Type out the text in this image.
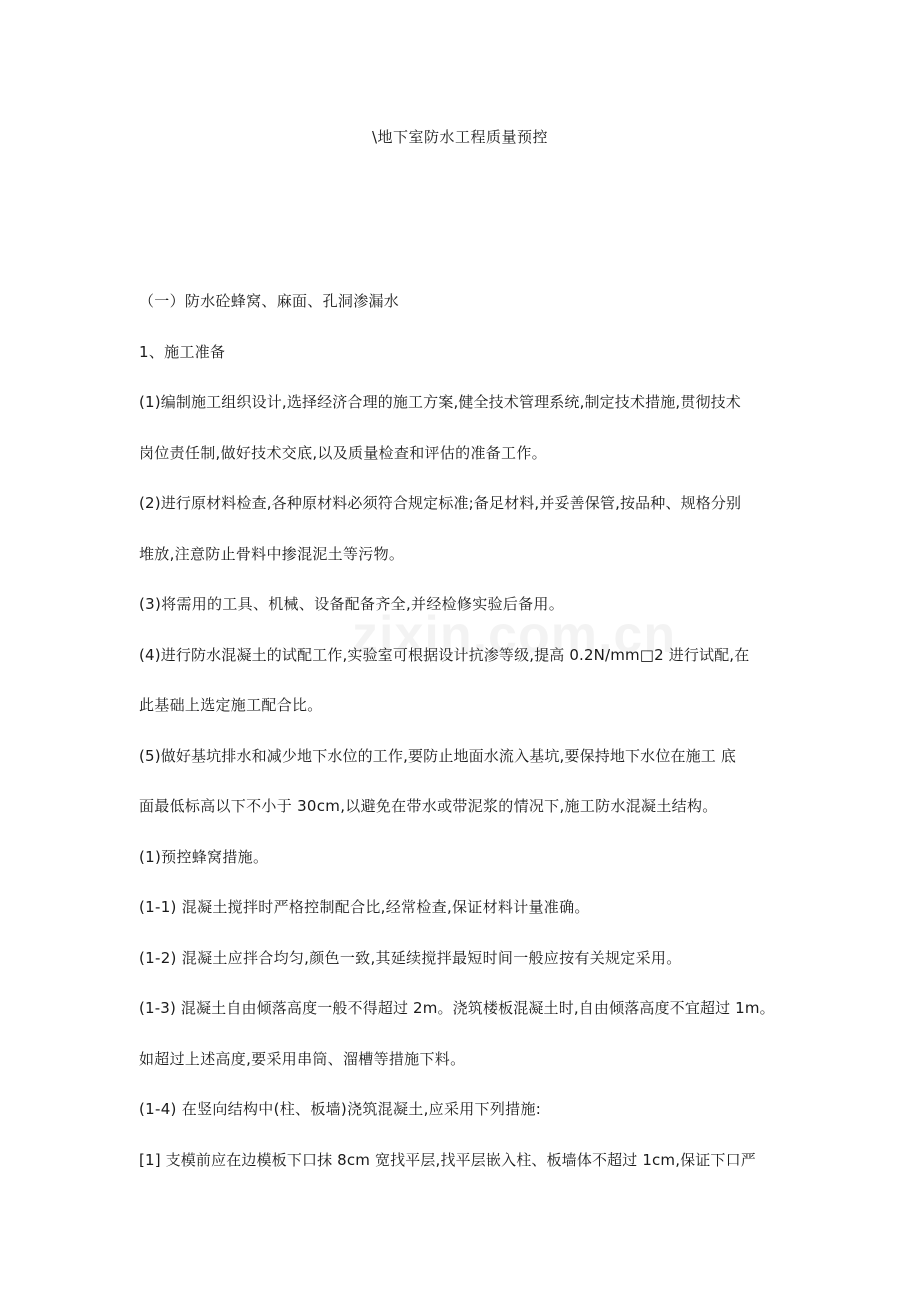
\地下室防水工程质量预控

（一）防水砼蜂窝、麻面、孔洞渗漏水

1、施工准备

(1)编制施工组织设计,选择经济合理的施工方案,健全技术管理系统,制定技术措施,贯彻技术

岗位责任制,做好技术交底,以及质量检查和评估的准备工作。

(2)进行原材料检查,各种原材料必须符合规定标准;备足材料,并妥善保管,按品种、规格分别

堆放,注意防止骨料中掺混泥土等污物。

(3)将需用的工具、机械、设备配备齐全,并经检修实验后备用。

(4)进行防水混凝土的试配工作,实验室可根据设计抗渗等级,提高 0.2N/mm□2 进行试配,在

此基础上选定施工配合比。

(5)做好基坑排水和减少地下水位的工作,要防止地面水流入基坑,要保持地下水位在施工 底

面最低标高以下不小于 30cm,以避免在带水或带泥浆的情况下,施工防水混凝土结构。

(1)预控蜂窝措施。

(1-1) 混凝土搅拌时严格控制配合比,经常检查,保证材料计量准确。

(1-2) 混凝土应拌合均匀,颜色一致,其延续搅拌最短时间一般应按有关规定采用。

(1-3) 混凝土自由倾落高度一般不得超过 2m。浇筑楼板混凝土时,自由倾落高度不宜超过 1m。

如超过上述高度,要采用串筒、溜槽等措施下料。

(1-4) 在竖向结构中(柱、板墙)浇筑混凝土,应采用下列措施:

[1] 支模前应在边模板下口抹 8cm 宽找平层,找平层嵌入柱、板墙体不超过 1cm,保证下口严
